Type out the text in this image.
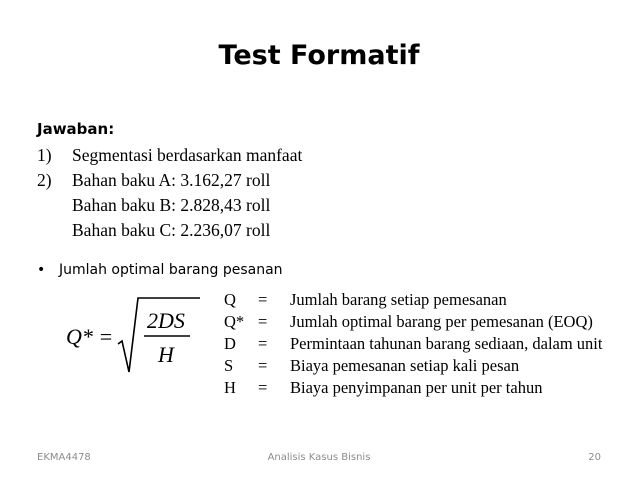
Test Formatif
Jawaban:
1) Segmentasi berdasarkan manfaat
2) Bahan baku A: 3.162,27 roll
Bahan baku B: 2.828,43 roll
Bahan baku C: 2.236,07 roll
• Jumlah optimal barang pesanan
Q* =
2DS
H
Q = Jumlah barang setiap pemesanan
Q* = Jumlah optimal barang per pemesanan (EOQ)
D = Permintaan tahunan barang sediaan, dalam unit
S = Biaya pemesanan setiap kali pesan
H = Biaya penyimpanan per unit per tahun
EKMA4478	Analisis Kasus Bisnis	20
